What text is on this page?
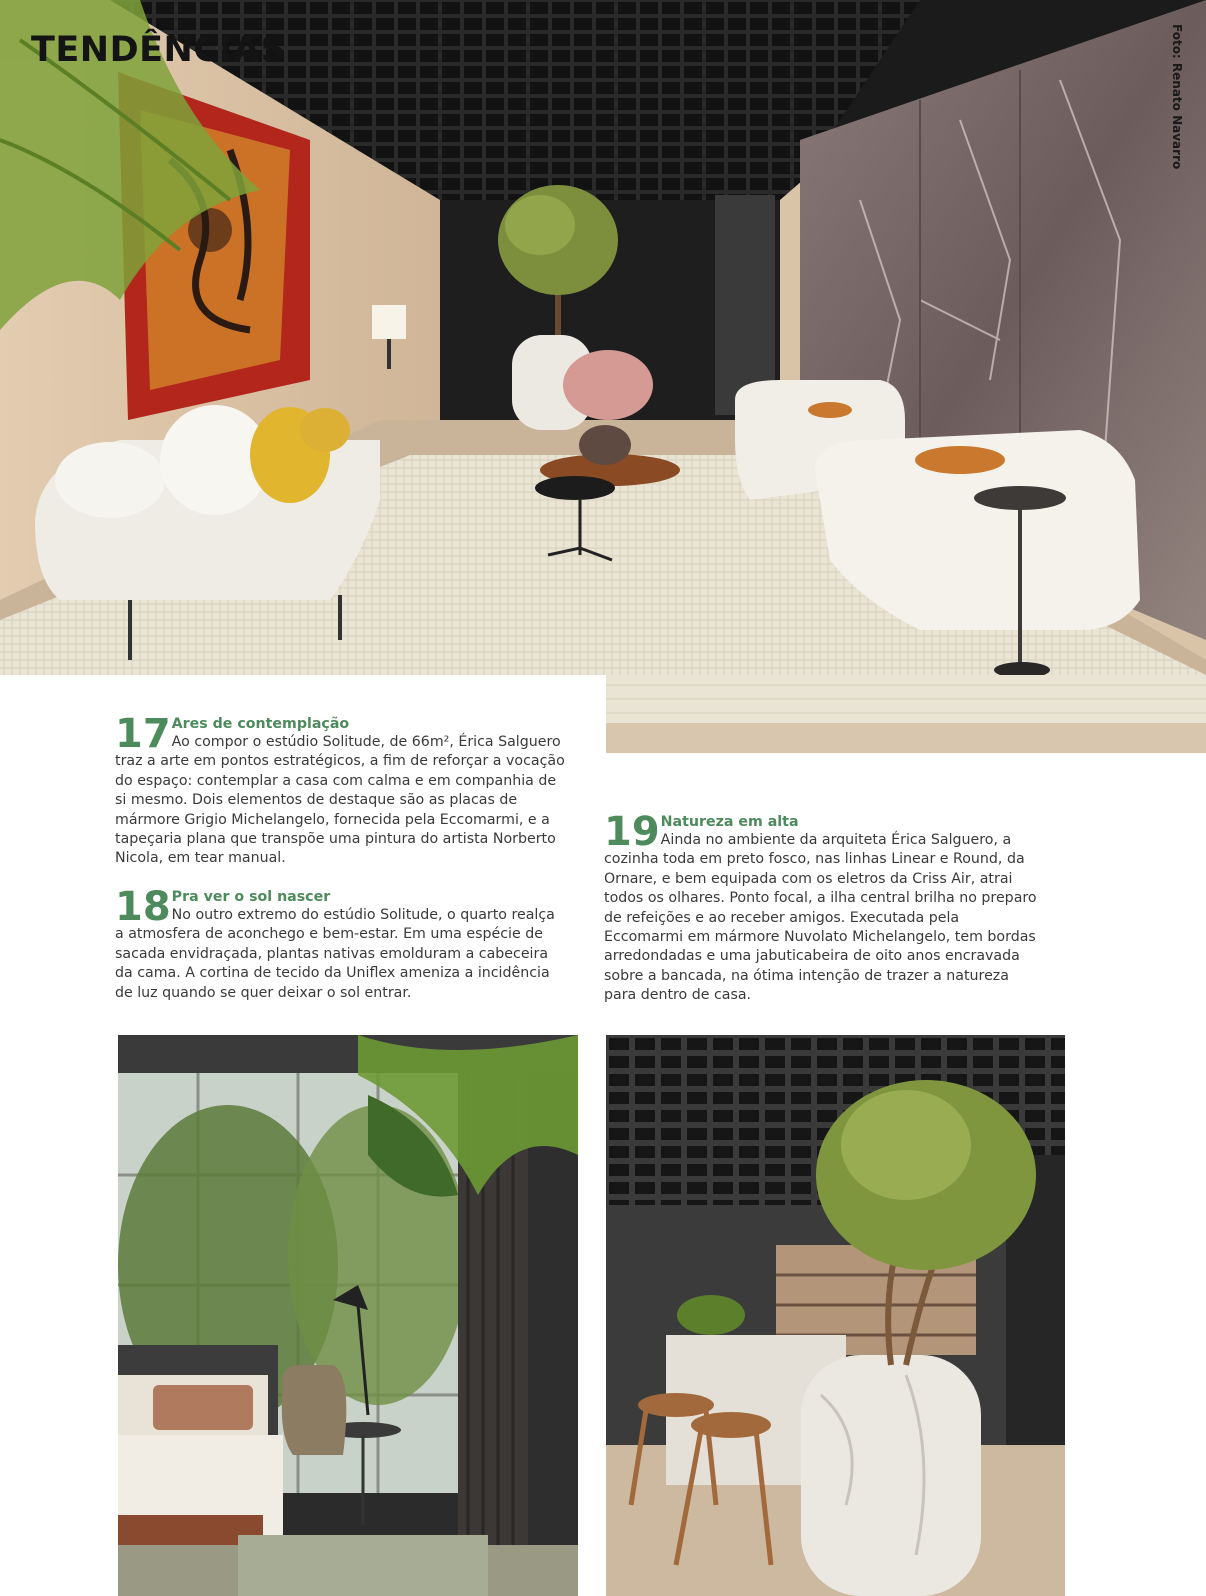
TENDÊNCIAS	Foto: Renato Navarro
17 Ares de contemplação
Ao compor o estúdio Solitude, de 66m², Érica Salguero traz a arte em pontos estratégicos, a fim de reforçar a vocação do espaço: contemplar a casa com calma e em companhia de si mesmo. Dois elementos de destaque são as placas de mármore Grigio Michelangelo, fornecida pela Eccomarmi, e a tapeçaria plana que transpõe uma pintura do artista Norberto Nicola, em tear manual.
18 Pra ver o sol nascer
No outro extremo do estúdio Solitude, o quarto realça a atmosfera de aconchego e bem-estar. Em uma espécie de sacada envidraçada, plantas nativas emolduram a cabeceira da cama. A cortina de tecido da Uniflex ameniza a incidência de luz quando se quer deixar o sol entrar.
19 Natureza em alta
Ainda no ambiente da arquiteta Érica Salguero, a cozinha toda em preto fosco, nas linhas Linear e Round, da Ornare, e bem equipada com os eletros da Criss Air, atrai todos os olhares. Ponto focal, a ilha central brilha no preparo de refeições e ao receber amigos. Executada pela Eccomarmi em mármore Nuvolato Michelangelo, tem bordas arredondadas e uma jabuticabeira de oito anos encravada sobre a bancada, na ótima intenção de trazer a natureza para dentro de casa.
